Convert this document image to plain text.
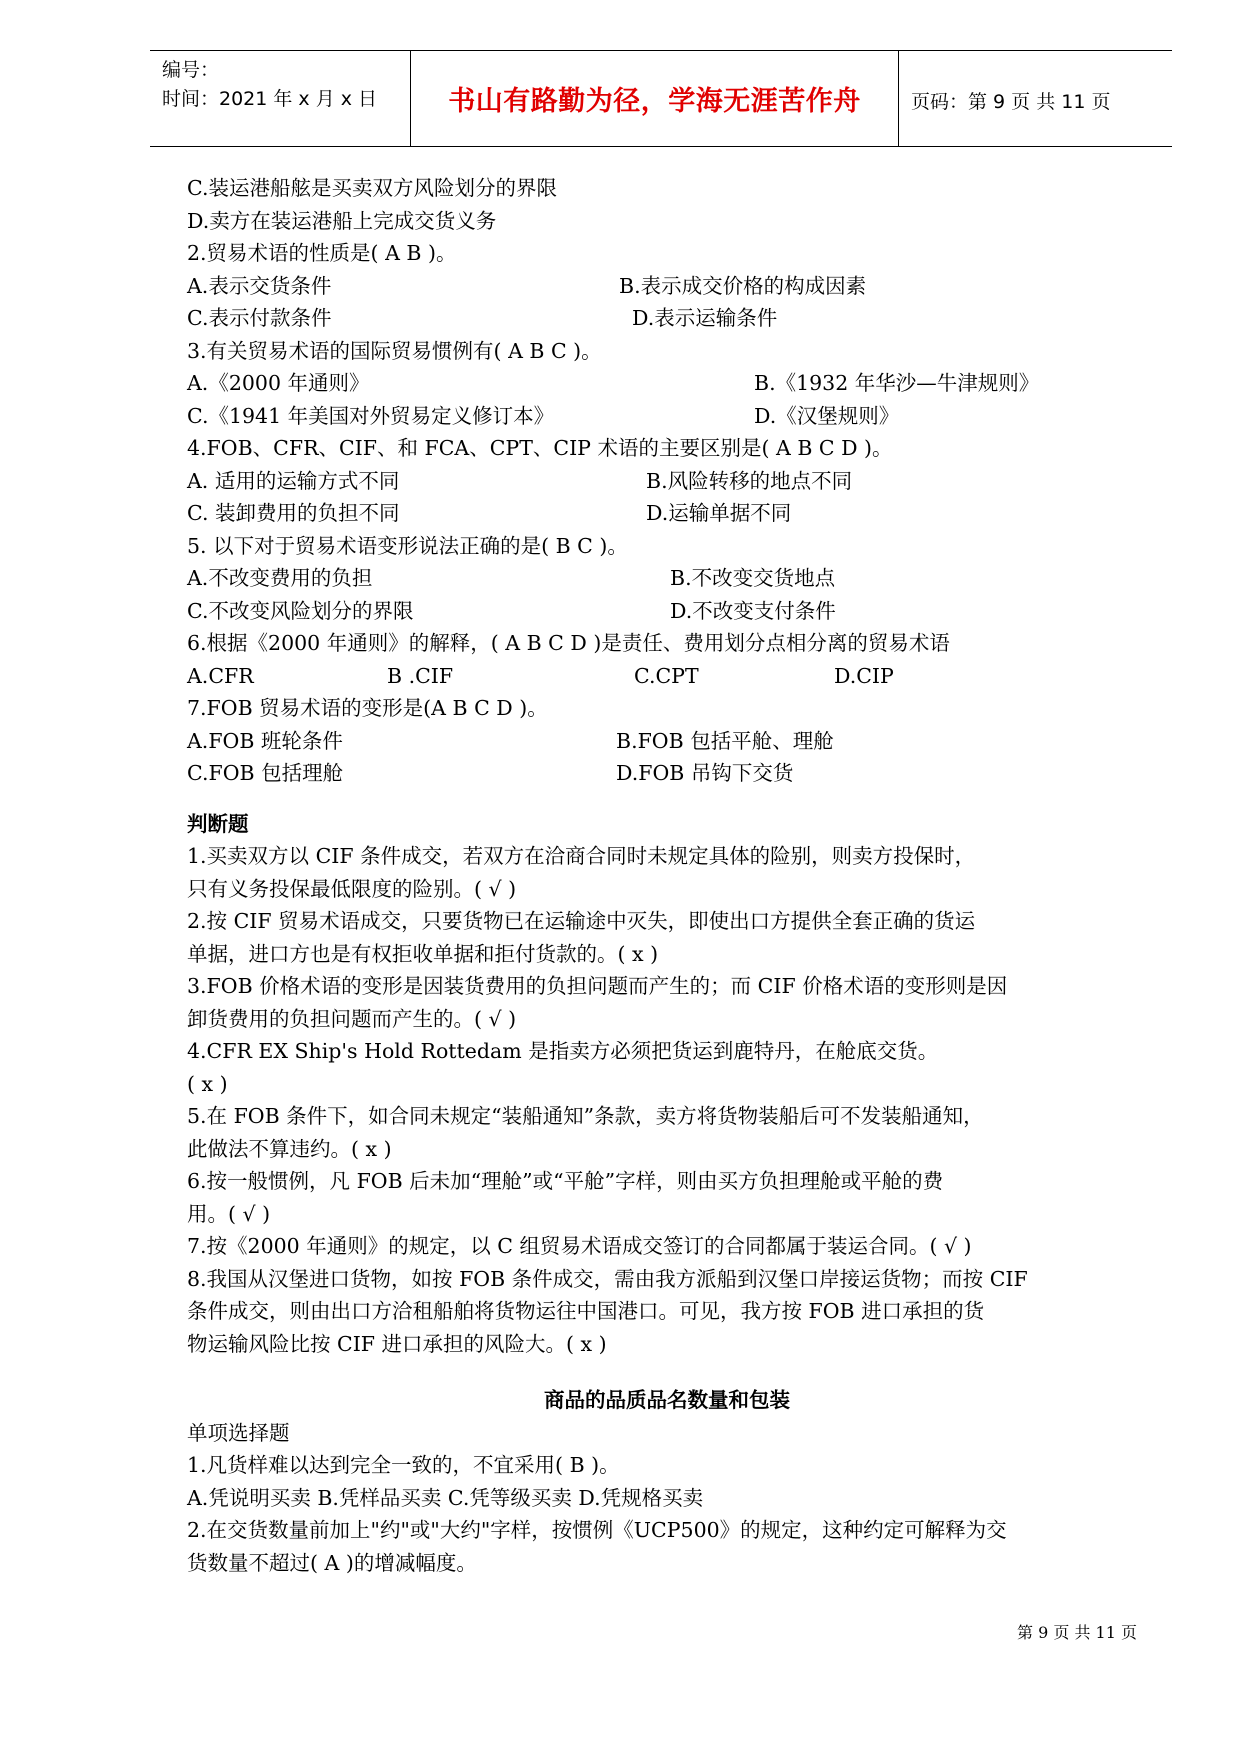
编号：
时间：2021 年 x 月 x 日	书山有路勤为径，学海无涯苦作舟	页码：第 9 页 共 11 页
C.装运港船舷是买卖双方风险划分的界限
D.卖方在装运港船上完成交货义务
2.贸易术语的性质是( A B )。
A.表示交货条件	B.表示成交价格的构成因素
C.表示付款条件	D.表示运输条件
3.有关贸易术语的国际贸易惯例有( A B C )。
A.《2000 年通则》	B.《1932 年华沙—牛津规则》
C.《1941 年美国对外贸易定义修订本》	D.《汉堡规则》
4.FOB、CFR、CIF、和 FCA、CPT、CIP 术语的主要区别是( A B C D )。
A. 适用的运输方式不同	B.风险转移的地点不同
C. 装卸费用的负担不同	D.运输单据不同
5. 以下对于贸易术语变形说法正确的是( B C )。
A.不改变费用的负担	B.不改变交货地点
C.不改变风险划分的界限	D.不改变支付条件
6.根据《2000 年通则》的解释，( A B C D )是责任、费用划分点相分离的贸易术语
A.CFR	B .CIF	C.CPT	D.CIP
7.FOB 贸易术语的变形是(A B C D )。
A.FOB 班轮条件	B.FOB 包括平舱、理舱
C.FOB 包括理舱	D.FOB 吊钩下交货
判断题
1.买卖双方以 CIF 条件成交，若双方在洽商合同时未规定具体的险别，则卖方投保时，
只有义务投保最低限度的险别。( √ )
2.按 CIF 贸易术语成交，只要货物已在运输途中灭失，即使出口方提供全套正确的货运
单据，进口方也是有权拒收单据和拒付货款的。( x )
3.FOB 价格术语的变形是因装货费用的负担问题而产生的；而 CIF 价格术语的变形则是因
卸货费用的负担问题而产生的。( √ )
4.CFR EX Ship's Hold Rottedam 是指卖方必须把货运到鹿特丹，在舱底交货。
( x )
5.在 FOB 条件下，如合同未规定“装船通知”条款，卖方将货物装船后可不发装船通知，
此做法不算违约。( x )
6.按一般惯例，凡 FOB 后未加“理舱”或“平舱”字样，则由买方负担理舱或平舱的费
用。( √ )
7.按《2000 年通则》的规定，以 C 组贸易术语成交签订的合同都属于装运合同。( √ )
8.我国从汉堡进口货物，如按 FOB 条件成交，需由我方派船到汉堡口岸接运货物；而按 CIF
条件成交，则由出口方洽租船舶将货物运往中国港口。可见，我方按 FOB 进口承担的货
物运输风险比按 CIF 进口承担的风险大。( x )
商品的品质品名数量和包装
单项选择题
1.凡货样难以达到完全一致的，不宜采用( B )。
A.凭说明买卖 B.凭样品买卖 C.凭等级买卖 D.凭规格买卖
2.在交货数量前加上"约"或"大约"字样，按惯例《UCP500》的规定，这种约定可解释为交
货数量不超过( A )的增减幅度。
第 9 页 共 11 页
